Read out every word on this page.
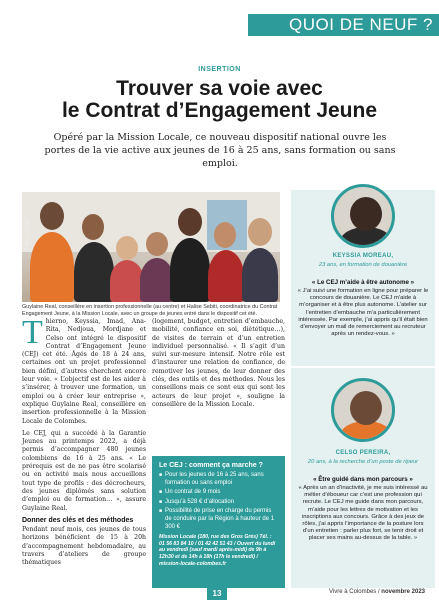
QUOI DE NEUF ?
INSERTION
Trouver sa voie avec
le Contrat d’Engagement Jeune
Opéré par la Mission Locale, ce nouveau dispositif national ouvre les portes de la vie active aux jeunes de 16 à 25 ans, sans formation ou sans emploi.
© Alain Gellé
Guylaine Real, conseillère en insertion professionnelle (au centre) et Halise Sebiti, coordinatrice du Contrat Engagement Jeune, à la Mission Locale, avec un groupe de jeunes entré dans le dispositif cet été.

Thierno, Keyssia, Imad, Ana-Rita, Nedjoua, Mordjane et Celso ont intégré le dispositif Contrat d’Engagement Jeune (CEJ) cet été. Âgés de 18 à 24 ans, certaines ont un projet professionnel bien défini, d’autres cherchent encore leur voie. « L’objectif est de les aider à s’insérer, à trouver une formation, un emploi ou à créer leur entreprise », explique Guylaine Real, conseillère en insertion professionnelle à la Mission Locale de Colombes.

Le CEJ, qui a succédé à la Garantie Jeunes au printemps 2022, a déjà permis d’accompagner 480 jeunes colombiens de 16 à 25 ans. « Le prérequis est de ne pas être scolarisé ou en activité mais nous accueillons tout type de profils : des décrocheurs, des jeunes diplômés sans solution d’emploi ou de formation… », assure Guylaine Real.

Donner des clés et des méthodes

Pendant neuf mois, ces jeunes de tous horizons bénéficient de 15 à 20h d’accompagnement hebdomadaire, au travers d’ateliers de groupe thématiques

(logement, budget, entretien d’embauche, mobilité, confiance en soi, diététique…), de visites de terrain et d’un entretien individuel personnalisé. « Il s’agit d’un suivi sur-mesure intensif. Notre rôle est d’instaurer une relation de confiance, de remotiver les jeunes, de leur donner des clés, des outils et des méthodes. Nous les conseillons mais ce sont eux qui sont les acteurs de leur projet », souligne la conseillère de la Mission Locale.

Le CEJ : comment ça marche ?
■ Pour les jeunes de 16 à 25 ans, sans formation ou sans emploi
■ Un contrat de 9 mois
■ Jusqu’à 528 € d’allocation
■ Possibilité de prise en charge du permis de conduire par la Région à hauteur de 1 300 €
Mission Locale (180, rue des Gros Grès) Tél. : 01 56 83 84 10 / 01 42 42 51 43 / Ouvert du lundi au vendredi (sauf mardi après-midi) de 9h à 12h30 et de 14h à 18h (17h le vendredi) / mission-locale-colombes.fr
KEYSSIA MOREAU,
23 ans, en formation de douanière
« Le CEJ m’aide à être autonome »
« J’ai suivi une formation en ligne pour préparer le concours de douanière. Le CEJ m’aide à m’organiser et à être plus autonome. L’atelier sur l’entretien d’embauche m’a particulièrement intéressée. Par exemple, j’ai appris qu’il était bien d’envoyer un mail de remerciement au recruteur après un rendez-vous. »
CELSO PEREIRA,
20 ans, à la recherche d’un poste de ripeur
« Être guidé dans mon parcours »
« Après un an d’inactivité, je me suis intéressé au métier d’éboueur car c’est une profession qui recrute. Le CEJ me guide dans mon parcours, m’aide pour les lettres de motivation et les inscriptions aux concours. Grâce à des jeux de rôles, j’ai appris l’importance de la posture lors d’un entretien : parler plus fort, se tenir droit et placer ses mains au-dessus de la table. »
13	Vivre à Colombes / novembre 2023
